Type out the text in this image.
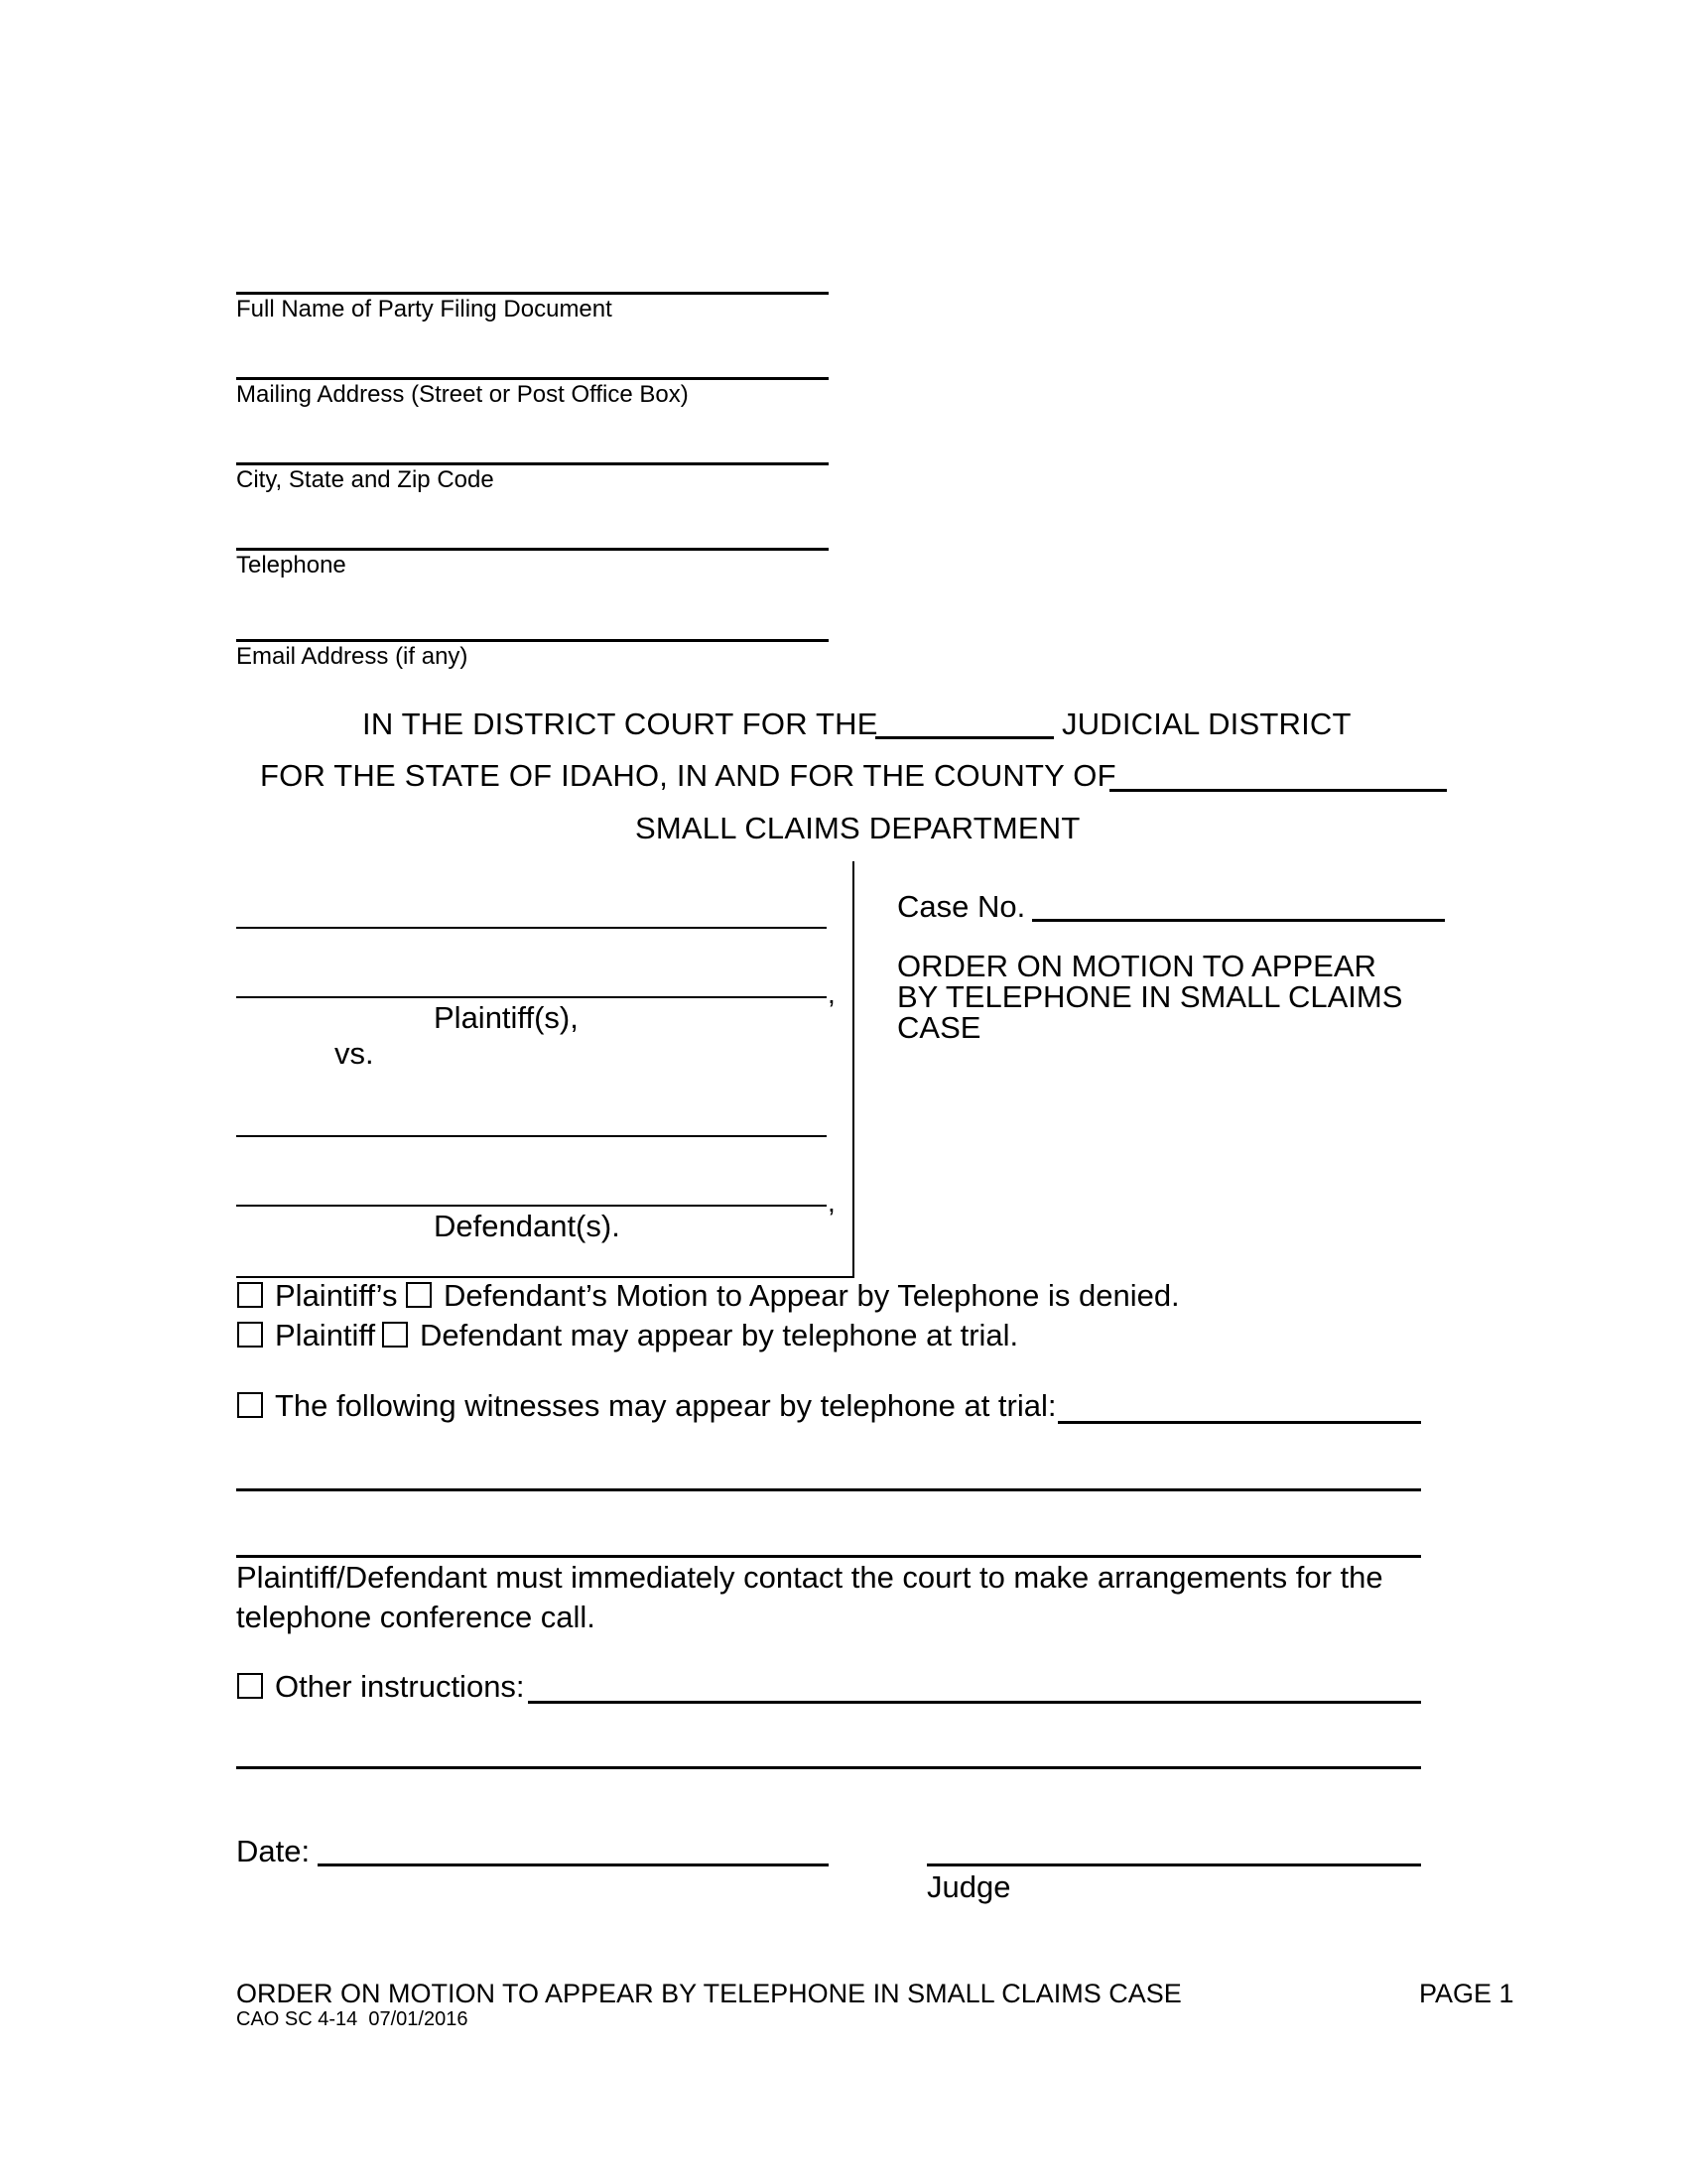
Full Name of Party Filing Document
Mailing Address (Street or Post Office Box)
City, State and Zip Code
Telephone
Email Address (if any)
IN THE DISTRICT COURT FOR THE	JUDICIAL DISTRICT
FOR THE STATE OF IDAHO, IN AND FOR THE COUNTY OF
SMALL CLAIMS DEPARTMENT
,
Plaintiff(s),
vs.
,
Defendant(s).
Case No.
ORDER ON MOTION TO APPEAR
BY TELEPHONE IN SMALL CLAIMS
CASE
Plaintiff’s Defendant’s Motion to Appear by Telephone is denied.
Plaintiff Defendant may appear by telephone at trial.
The following witnesses may appear by telephone at trial:
Plaintiff/Defendant must immediately contact the court to make arrangements for the
telephone conference call.
Other instructions:
Date:
Judge
ORDER ON MOTION TO APPEAR BY TELEPHONE IN SMALL CLAIMS CASE	PAGE 1
CAO SC 4-14  07/01/2016
